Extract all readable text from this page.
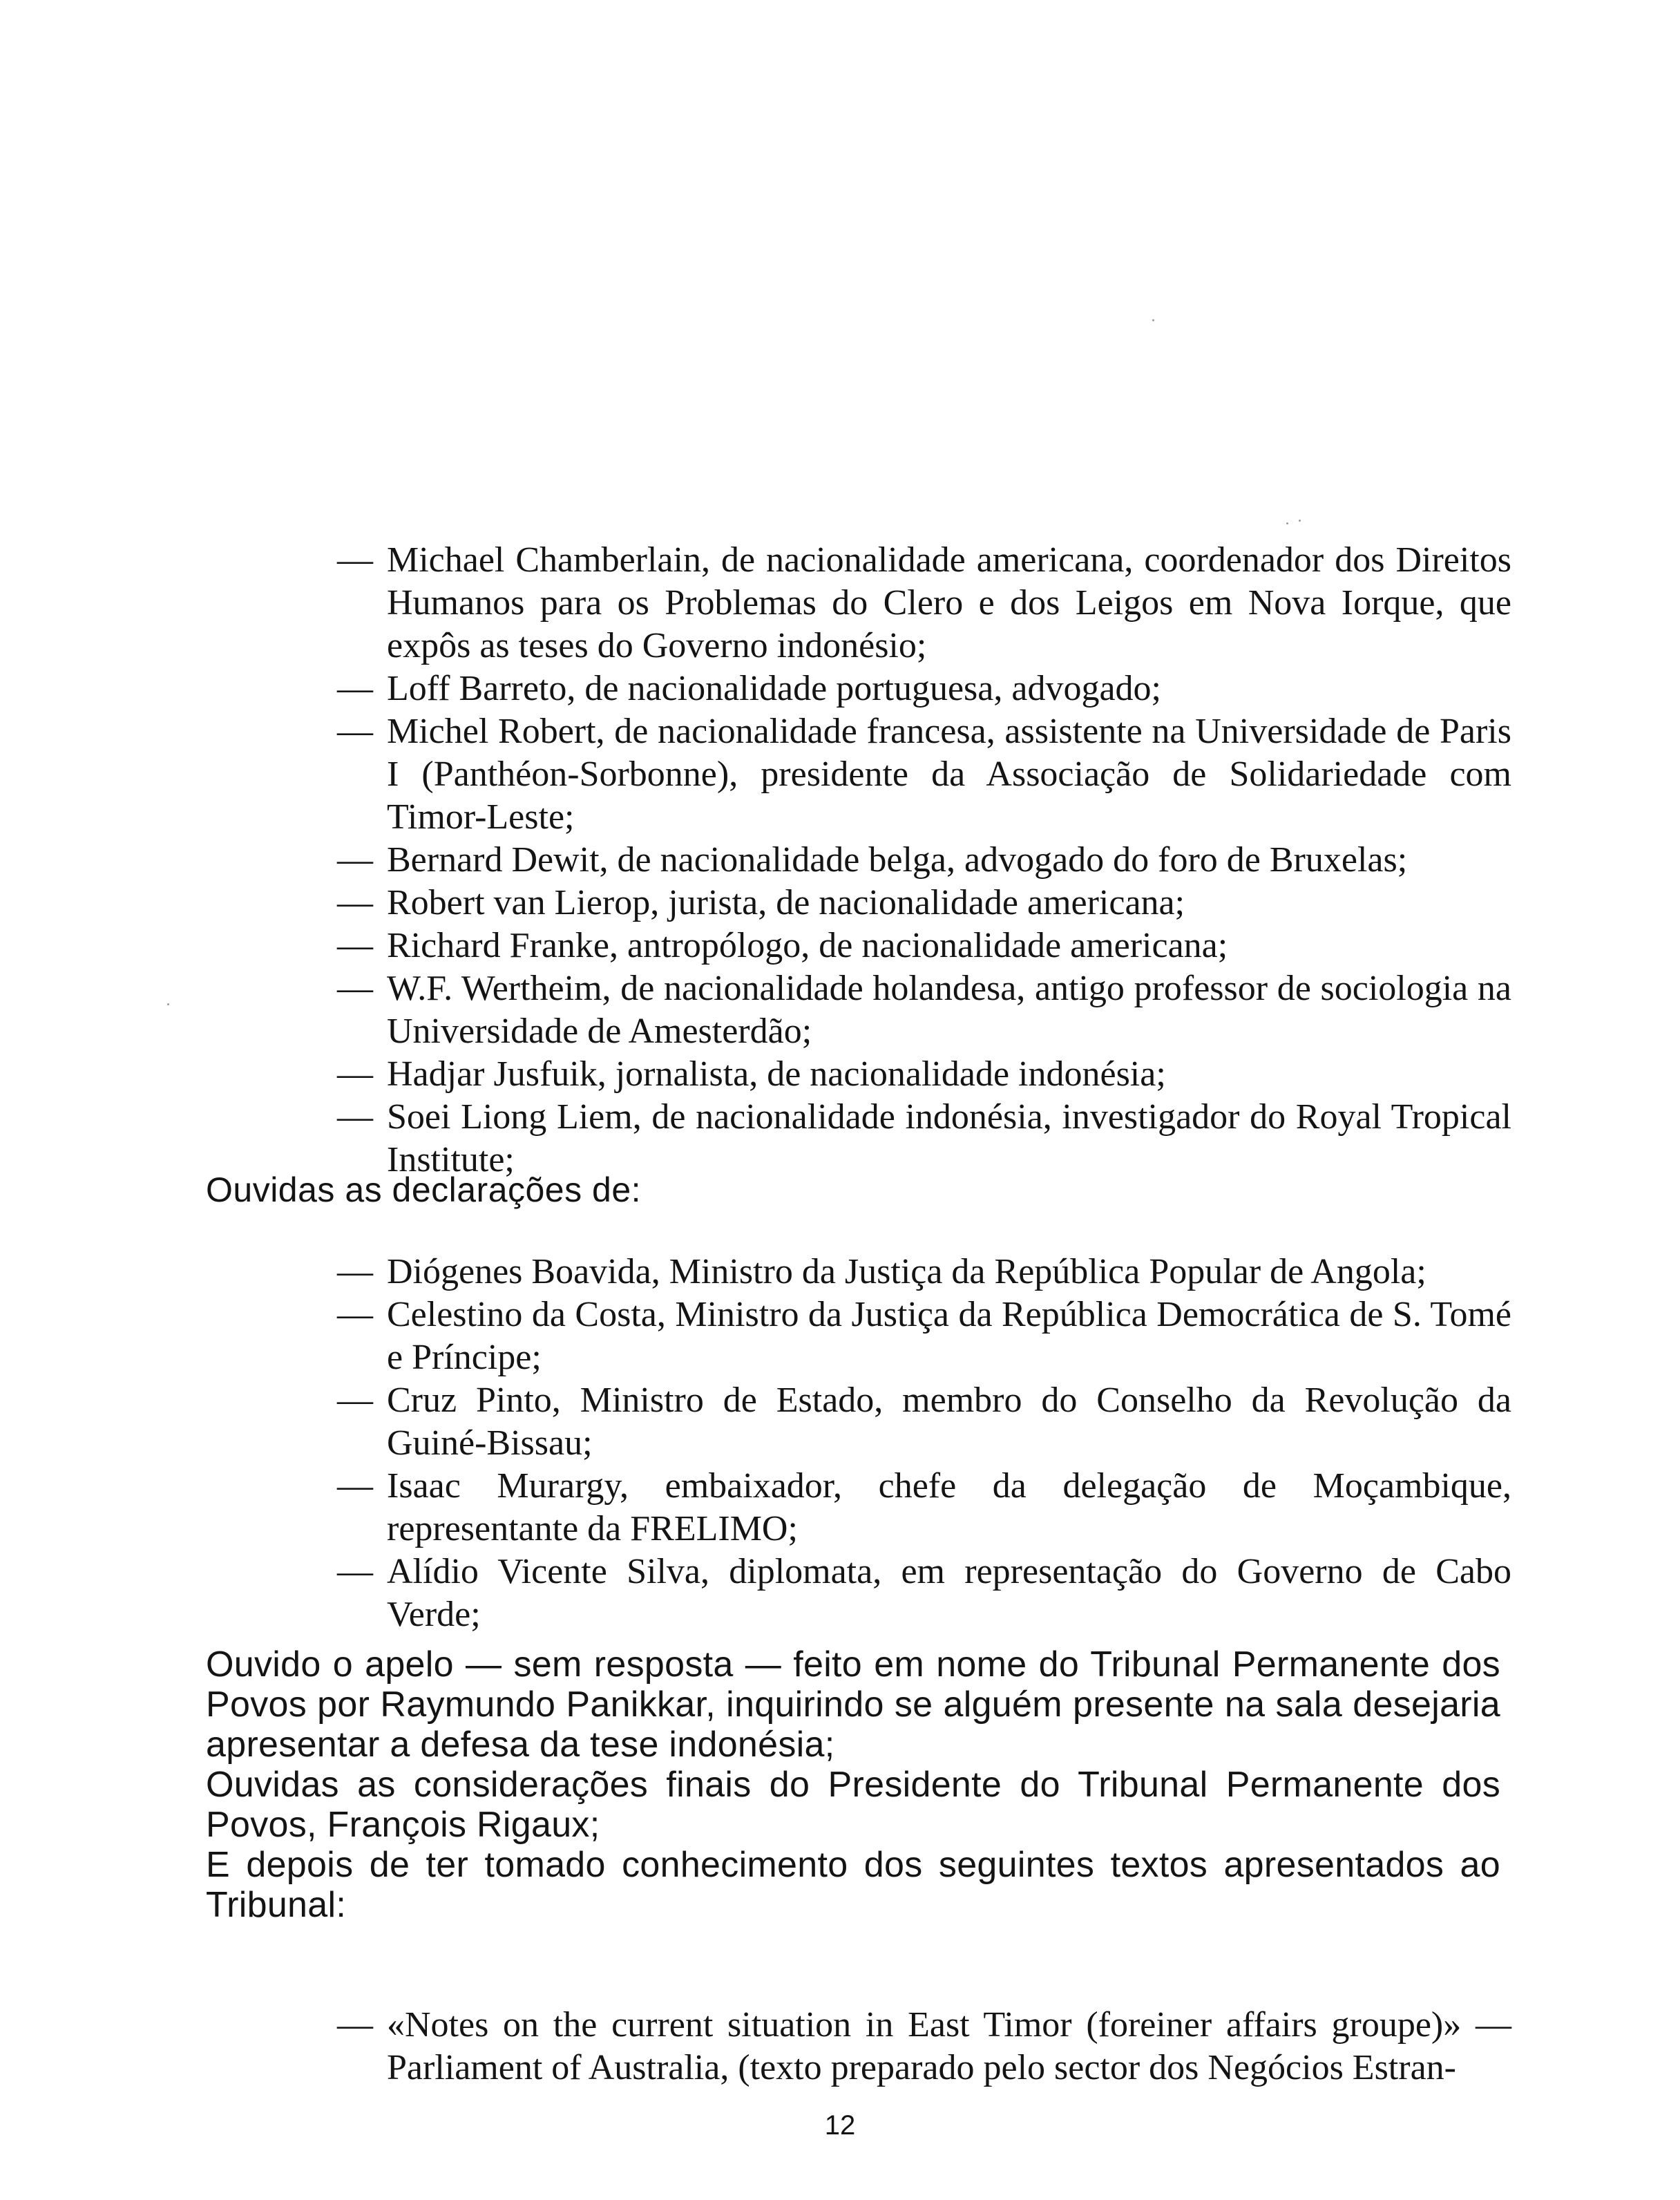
— Michael Chamberlain, de nacionalidade americana, coordenador dos Direitos Humanos para os Problemas do Clero e dos Leigos em Nova Iorque, que expôs as teses do Governo indonésio;
— Loff Barreto, de nacionalidade portuguesa, advogado;
— Michel Robert, de nacionalidade francesa, assistente na Universidade de Paris I (Panthéon-Sorbonne), presidente da Associação de Solidariedade com Timor-Leste;
— Bernard Dewit, de nacionalidade belga, advogado do foro de Bruxelas;
— Robert van Lierop, jurista, de nacionalidade americana;
— Richard Franke, antropólogo, de nacionalidade americana;
— W.F. Wertheim, de nacionalidade holandesa, antigo professor de sociologia na Universidade de Amesterdão;
— Hadjar Jusfuik, jornalista, de nacionalidade indonésia;
— Soei Liong Liem, de nacionalidade indonésia, investigador do Royal Tropical Institute;
Ouvidas as declarações de:
— Diógenes Boavida, Ministro da Justiça da República Popular de Angola;
— Celestino da Costa, Ministro da Justiça da República Democrática de S. Tomé e Príncipe;
— Cruz Pinto, Ministro de Estado, membro do Conselho da Revolução da Guiné-Bissau;
— Isaac Murargy, embaixador, chefe da delegação de Moçambique, representante da FRELIMO;
— Alídio Vicente Silva, diplomata, em representação do Governo de Cabo Verde;

Ouvido o apelo — sem resposta — feito em nome do Tribunal Permanente dos Povos por Raymundo Panikkar, inquirindo se alguém presente na sala desejaria apresentar a defesa da tese indonésia;

Ouvidas as considerações finais do Presidente do Tribunal Permanente dos Povos, François Rigaux;

E depois de ter tomado conhecimento dos seguintes textos apresentados ao Tribunal:

— «Notes on the current situation in East Timor (foreiner affairs groupe)» — Parliament of Australia, (texto preparado pelo sector dos Negócios Estran-
12
